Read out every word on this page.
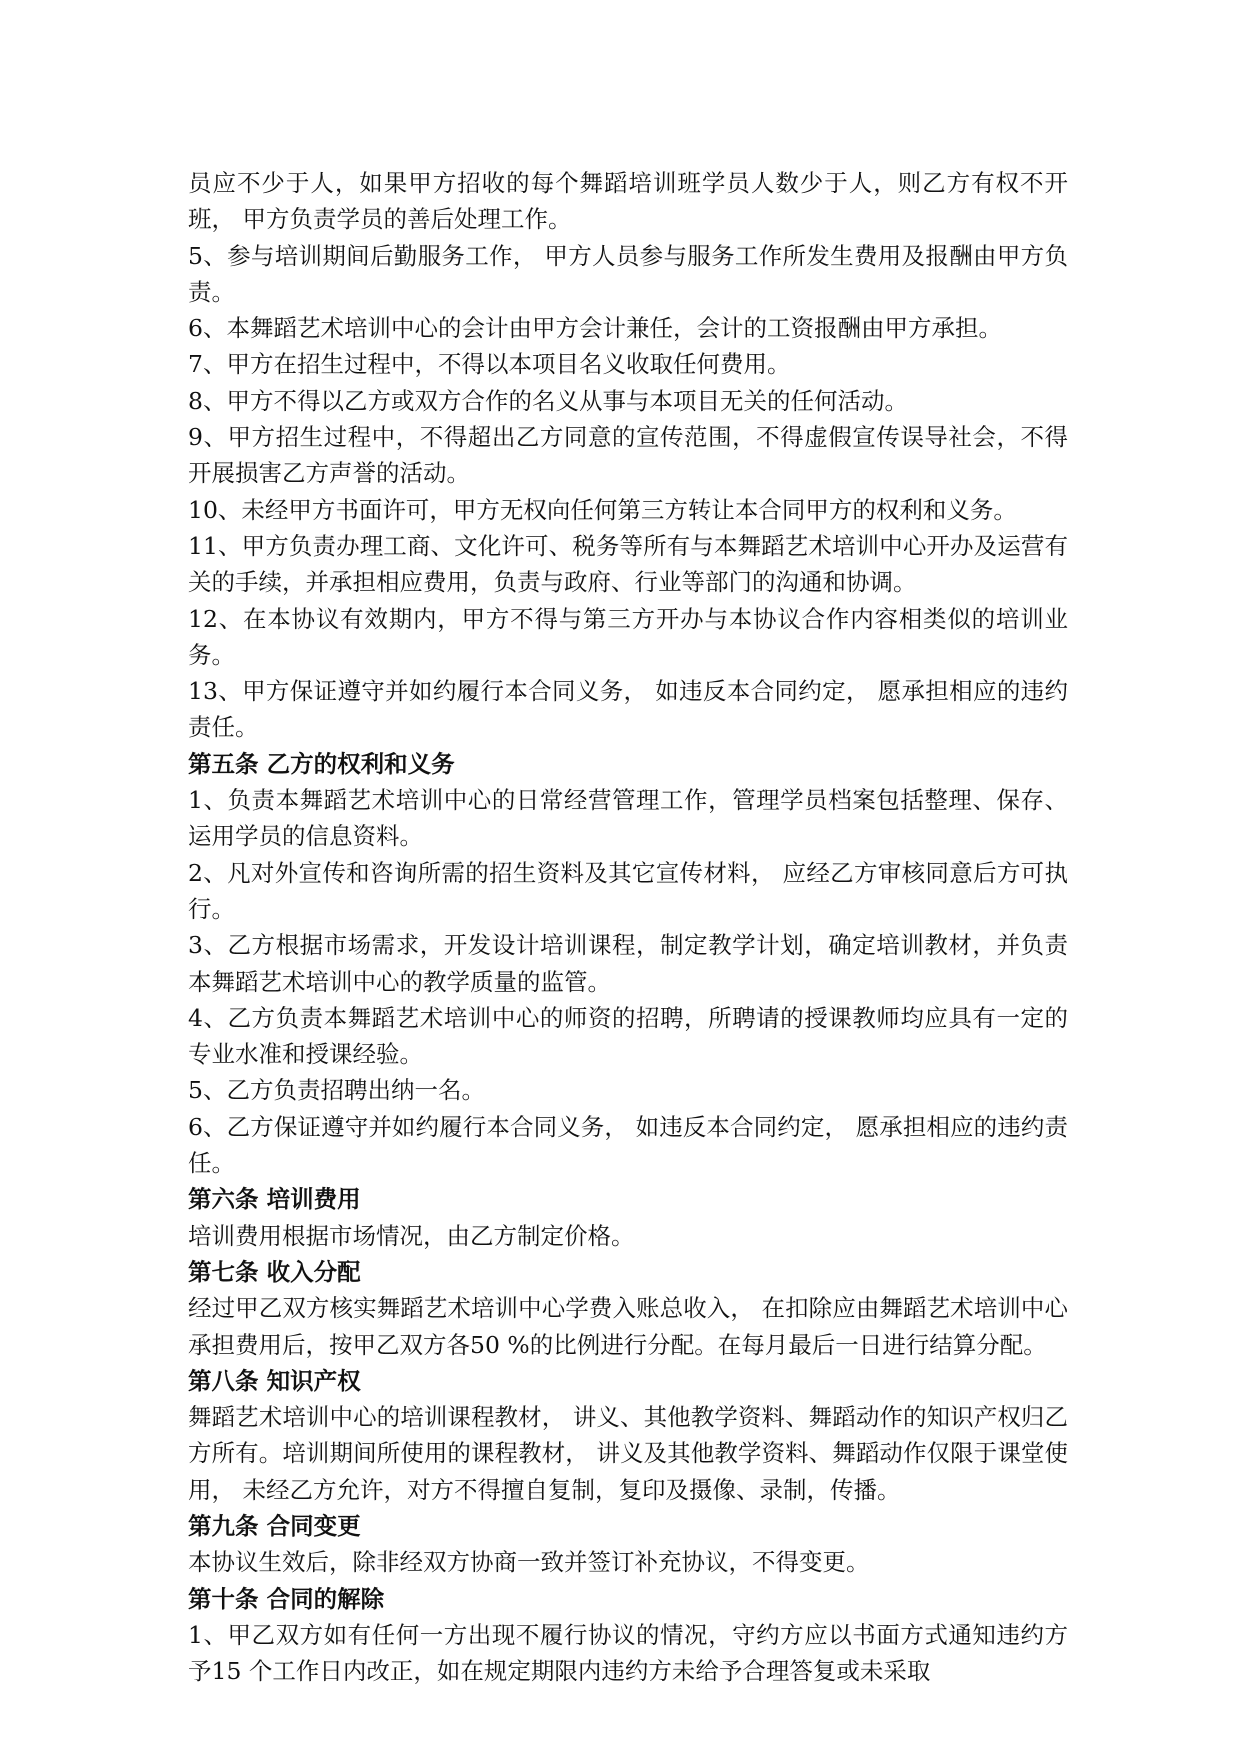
员应不少于人，如果甲方招收的每个舞蹈培训班学员人数少于人，则乙方有权不开班， 甲方负责学员的善后处理工作。

5、参与培训期间后勤服务工作， 甲方人员参与服务工作所发生费用及报酬由甲方负责。

6、本舞蹈艺术培训中心的会计由甲方会计兼任，会计的工资报酬由甲方承担。

7、甲方在招生过程中，不得以本项目名义收取任何费用。

8、甲方不得以乙方或双方合作的名义从事与本项目无关的任何活动。

9、甲方招生过程中，不得超出乙方同意的宣传范围，不得虚假宣传误导社会，不得开展损害乙方声誉的活动。

10、未经甲方书面许可，甲方无权向任何第三方转让本合同甲方的权利和义务。

11、甲方负责办理工商、文化许可、税务等所有与本舞蹈艺术培训中心开办及运营有关的手续，并承担相应费用，负责与政府、行业等部门的沟通和协调。

12、在本协议有效期内，甲方不得与第三方开办与本协议合作内容相类似的培训业务。

13、甲方保证遵守并如约履行本合同义务， 如违反本合同约定， 愿承担相应的违约责任。

第五条 乙方的权利和义务

1、负责本舞蹈艺术培训中心的日常经营管理工作，管理学员档案包括整理、保存、运用学员的信息资料。

2、凡对外宣传和咨询所需的招生资料及其它宣传材料， 应经乙方审核同意后方可执行。

3、乙方根据市场需求，开发设计培训课程，制定教学计划，确定培训教材，并负责本舞蹈艺术培训中心的教学质量的监管。

4、乙方负责本舞蹈艺术培训中心的师资的招聘，所聘请的授课教师均应具有一定的专业水准和授课经验。

5、乙方负责招聘出纳一名。

6、乙方保证遵守并如约履行本合同义务， 如违反本合同约定， 愿承担相应的违约责任。

第六条 培训费用

培训费用根据市场情况，由乙方制定价格。

第七条 收入分配

经过甲乙双方核实舞蹈艺术培训中心学费入账总收入， 在扣除应由舞蹈艺术培训中心承担费用后，按甲乙双方各50 %的比例进行分配。在每月最后一日进行结算分配。

第八条 知识产权

舞蹈艺术培训中心的培训课程教材， 讲义、其他教学资料、舞蹈动作的知识产权归乙方所有。培训期间所使用的课程教材， 讲义及其他教学资料、舞蹈动作仅限于课堂使用， 未经乙方允许，对方不得擅自复制，复印及摄像、录制，传播。

第九条 合同变更

本协议生效后，除非经双方协商一致并签订补充协议，不得变更。

第十条 合同的解除

1、甲乙双方如有任何一方出现不履行协议的情况，守约方应以书面方式通知违约方予15 个工作日内改正，如在规定期限内违约方未给予合理答复或未采取
